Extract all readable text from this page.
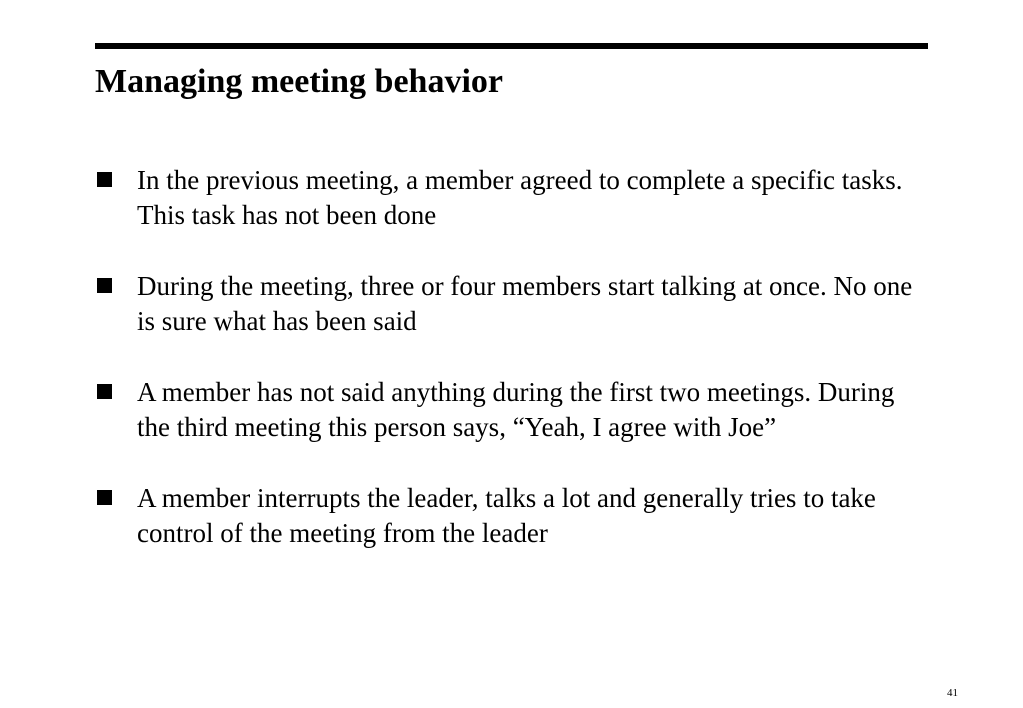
Managing meeting behavior
In the previous meeting, a member agreed to complete a specific tasks. This task has not been done
During the meeting, three or four members start talking at once. No one is sure what has been said
A member has not said anything during the first two meetings. During the third meeting this person says, “Yeah, I agree with Joe”
A member interrupts the leader, talks a lot and generally tries to take control of the meeting from the leader
41
